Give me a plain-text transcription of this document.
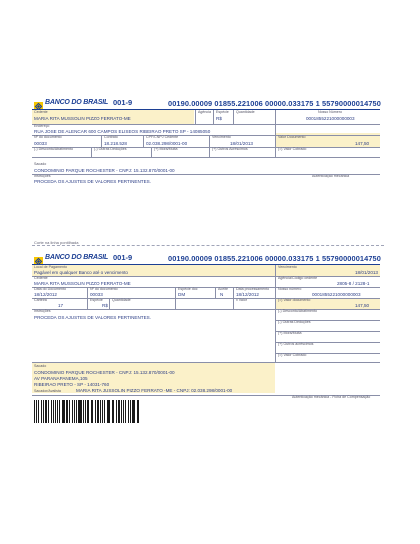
BANCO DO BRASIL 001-9	00190.00009 01855.221006 00000.033175 1 55790000014750
Cedente
MARIA RITA MUSSOLIN PIZZO FERRATO-ME
Agência Espécie
R$
Quantidade	Nosso Número
0001855221000000003
Endereço
RUA JOSE DE ALENCAR 600 CAMPOS ELISEOS RIBEIRAO PRETO SP - 14085050
Nº do documento
00033
Contrato
18.218.528
CPF/CNPJ Cedente
02.038.298/0001-00
Vencimento
18/01/2013
Valor Documento
147,50
(-) Desconto/Abatimento	(-) Outras Deduções	(+) Mora/Multa	(+) Outros Acréscimos	(=) Valor Cobrado
Sacado
CONDOMINIO PARQUE ROCHESTER - CNPJ: 15.132.870/0001-00
Instruções
PROCEDA OS AJUSTES DE VALORES PERTINENTES.
Autenticação mecânica
Corte na linha pontilhada
BANCO DO BRASIL 001-9	00190.00009 01855.221006 00000.033175 1 55790000014750
Local de Pagamento
Pagável em qualquer Banco até o vencimento
Vencimento
18/01/2013
Cedente
MARIA RITA MUSSOLIN PIZZO FERRATO-ME
Agência/Código cedente
2805-8 / 2128-1
Data do Documento
18/12/2012
Nº do documento
00033
Espécie doc
DM
Aceite
N
Data processamento
18/12/2012
Nosso número
0001855221000000003
Carteira
17
Espécie
R$
Quantidade	x Valor	(=) Valor documento
147,50
Instruções
PROCEDA OS AJUSTES DE VALORES PERTINENTES.
(-) Desconto/Abatimento
(-) Outras Deduções
(+) Mora/Multa
(+) Outros acréscimos
(=) Valor Cobrado
Sacado
CONDOMINIO PARQUE ROCHESTER - CNPJ: 15.132.870/0001-00
AV PARANAPANEMA,105
RIBEIRAO PRETO - SP - 14031-760
Sacador/Avalista	MARIA RITA JUSSOLIN PIZZO FERRATO -ME - CNPJ: 02.038.298/0001-00
Autenticação mecânica - Ficha de Compensação
